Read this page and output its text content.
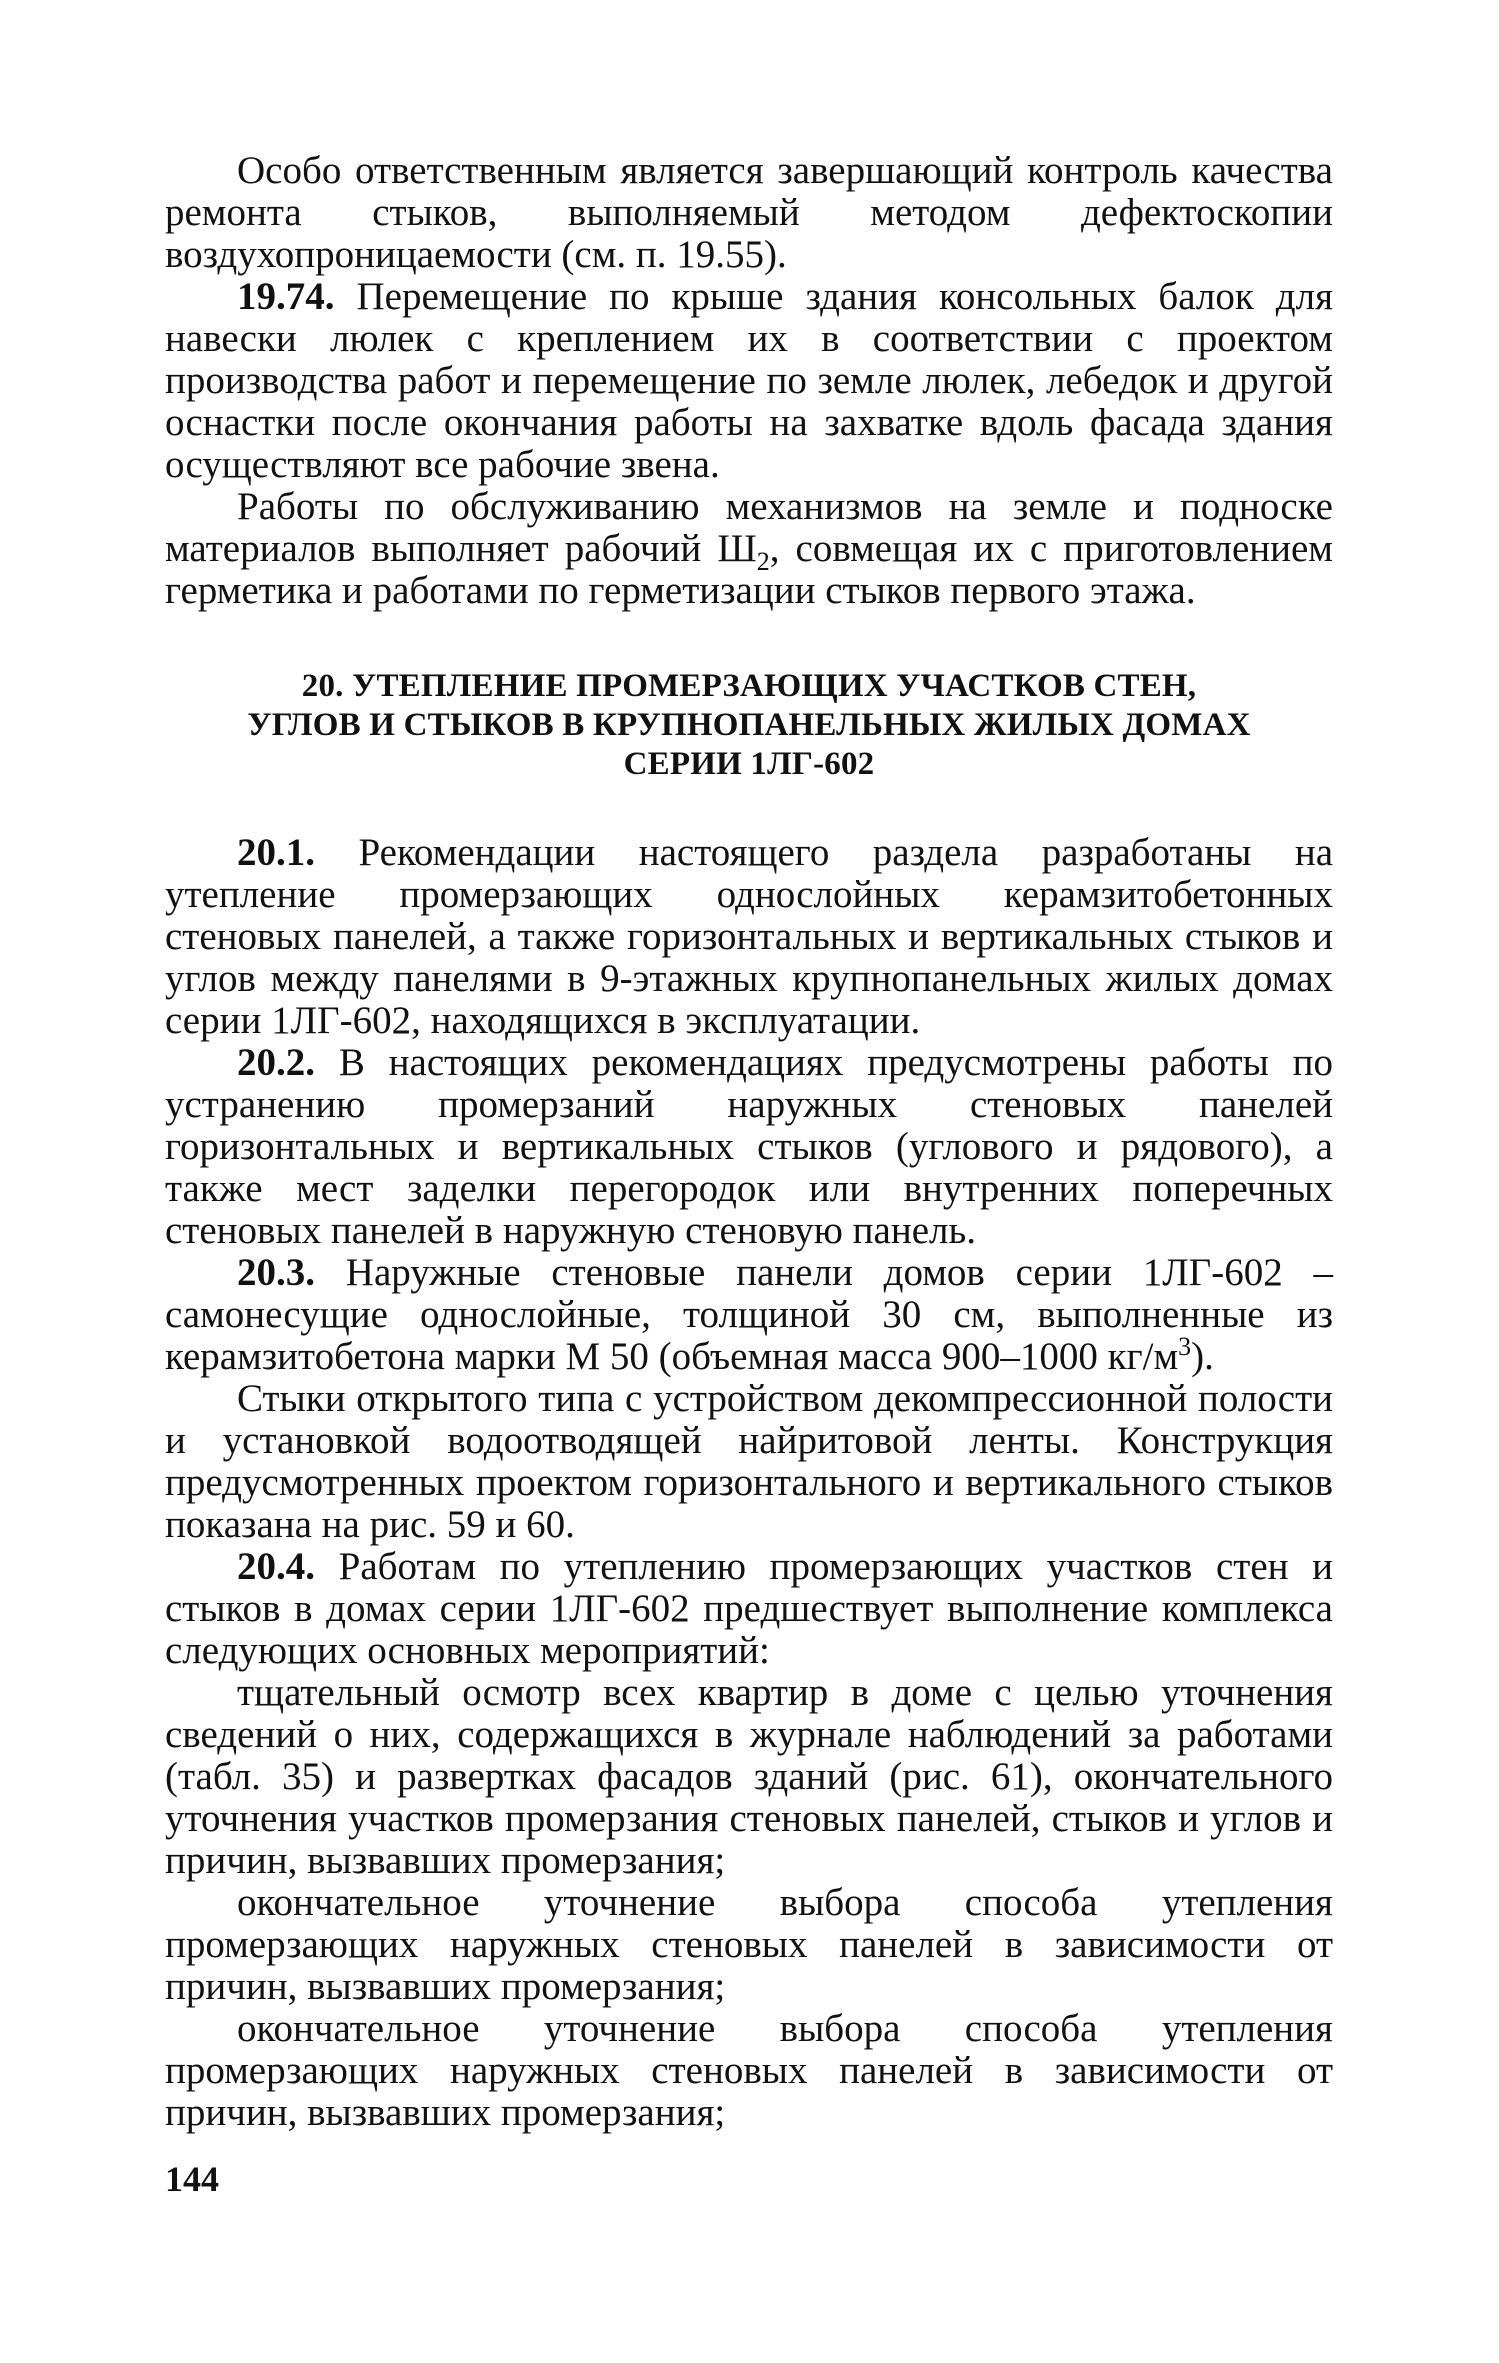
Особо ответственным является завершающий контроль качества ремонта стыков, выполняемый методом дефектоскопии воздухопроницаемости (см. п. 19.55).

19.74. Перемещение по крыше здания консольных балок для навески люлек с креплением их в соответствии с проектом производства работ и перемещение по земле люлек, лебедок и другой оснастки после окончания работы на захватке вдоль фасада здания осуществляют все рабочие звена.

Работы по обслуживанию механизмов на земле и подноске материалов выполняет рабочий $Ш_2$, совмещая их с приготовлением герметика и работами по герметизации стыков первого этажа.

20. УТЕПЛЕНИЕ ПРОМЕРЗАЮЩИХ УЧАСТКОВ СТЕН,
УГЛОВ И СТЫКОВ В КРУПНОПАНЕЛЬНЫХ ЖИЛЫХ ДОМАХ
СЕРИИ 1ЛГ-602

20.1. Рекомендации настоящего раздела разработаны на утепление промерзающих однослойных керамзитобетонных стеновых панелей, а также горизонтальных и вертикальных стыков и углов между панелями в 9-этажных крупнопанельных жилых домах серии 1ЛГ-602, находящихся в эксплуатации.

20.2. В настоящих рекомендациях предусмотрены работы по устранению промерзаний наружных стеновых панелей горизонтальных и вертикальных стыков (углового и рядового), а также мест заделки перегородок или внутренних поперечных стеновых панелей в наружную стеновую панель.

20.3. Наружные стеновые панели домов серии 1ЛГ-602 – самонесущие однослойные, толщиной 30 см, выполненные из керамзитобетона марки М 50 (объемная масса 900–1000 $кг/м^3$).

Стыки открытого типа с устройством декомпрессионной полости и установкой водоотводящей найритовой ленты. Конструкция предусмотренных проектом горизонтального и вертикального стыков показана на рис. 59 и 60.

20.4. Работам по утеплению промерзающих участков стен и стыков в домах серии 1ЛГ-602 предшествует выполнение комплекса следующих основных мероприятий:

тщательный осмотр всех квартир в доме с целью уточнения сведений о них, содержащихся в журнале наблюдений за работами (табл. 35) и развертках фасадов зданий (рис. 61), окончательного уточнения участков промерзания стеновых панелей, стыков и углов и причин, вызвавших промерзания;

окончательное уточнение выбора способа утепления промерзающих наружных стеновых панелей в зависимости от причин, вызвавших промерзания;

окончательное уточнение выбора способа утепления промерзающих наружных стеновых панелей в зависимости от причин, вызвавших промерзания;

144
